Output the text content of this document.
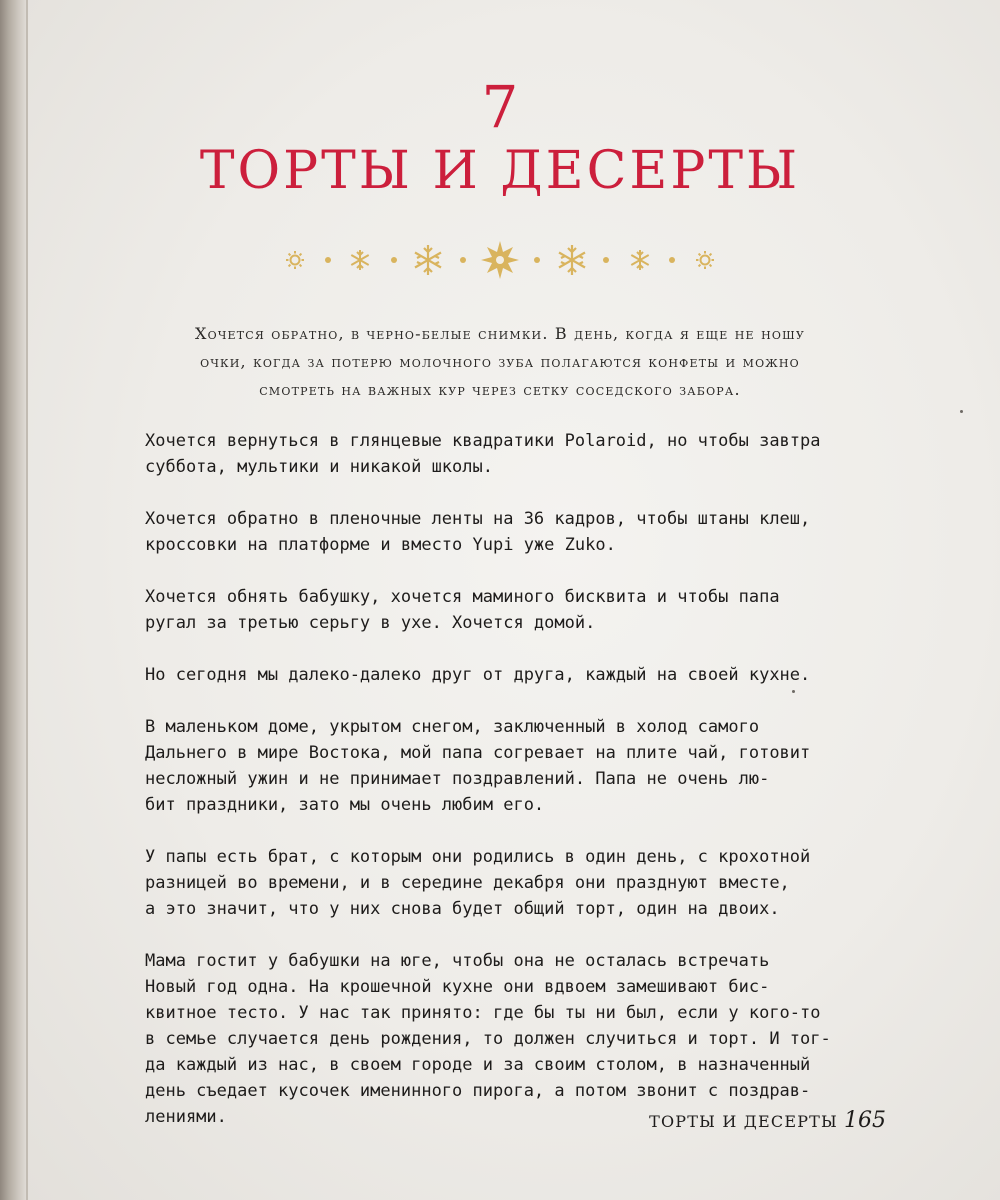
7
ТОРТЫ И ДЕСЕРТЫ

Хочется обратно, в черно-белые снимки. В день, когда я еще не ношу
очки, когда за потерю молочного зуба полагаются конфеты и можно
смотреть на важных кур через сетку соседского забора.

Хочется вернуться в глянцевые квадратики Polaroid, но чтобы завтра
суббота, мультики и никакой школы.

Хочется обратно в пленочные ленты на 36 кадров, чтобы штаны клеш,
кроссовки на платформе и вместо Yupi уже Zuko.

Хочется обнять бабушку, хочется маминого бисквита и чтобы папа
ругал за третью серьгу в ухе. Хочется домой.

Но сегодня мы далеко-далеко друг от друга, каждый на своей кухне.

В маленьком доме, укрытом снегом, заключенный в холод самого
Дальнего в мире Востока, мой папа согревает на плите чай, готовит
несложный ужин и не принимает поздравлений. Папа не очень лю-
бит праздники, зато мы очень любим его.

У папы есть брат, с которым они родились в один день, с крохотной
разницей во времени, и в середине декабря они празднуют вместе,
а это значит, что у них снова будет общий торт, один на двоих.

Мама гостит у бабушки на юге, чтобы она не осталась встречать
Новый год одна. На крошечной кухне они вдвоем замешивают бис-
квитное тесто. У нас так принято: где бы ты ни был, если у кого-то
в семье случается день рождения, то должен случиться и торт. И тог-
да каждый из нас, в своем городе и за своим столом, в назначенный
день съедает кусочек именинного пирога, а потом звонит с поздрав-
лениями.	ТОРТЫ И ДЕСЕРТЫ 165
